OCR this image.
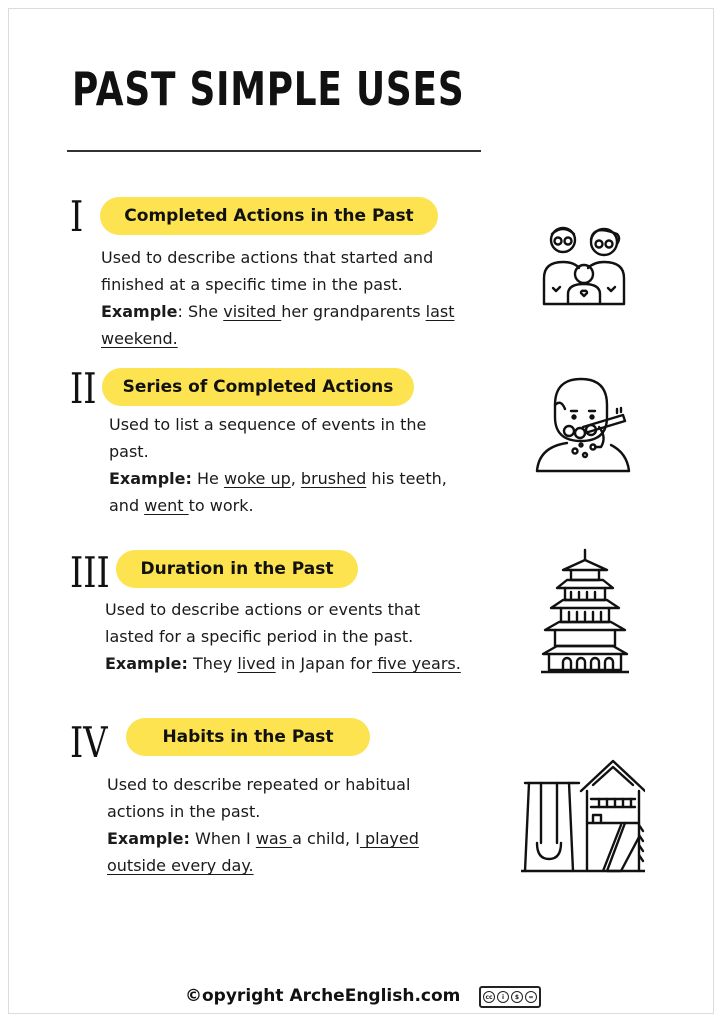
PAST SIMPLE USES
I	Completed Actions in the Past
Used to describe actions that started and
finished at a specific time in the past.
Example: She visited her grandparents last
weekend.
II	Series of Completed Actions
Used to list a sequence of events in the
past.
Example: He woke up, brushed his teeth,
and went to work.
III	Duration in the Past
Used to describe actions or events that
lasted for a specific period in the past.
Example: They lived in Japan for five years.
IV	Habits in the Past
Used to describe repeated or habitual
actions in the past.
Example: When I was a child, I played
outside every day.
©opyright ArcheEnglish.com	cc	i	$	=
